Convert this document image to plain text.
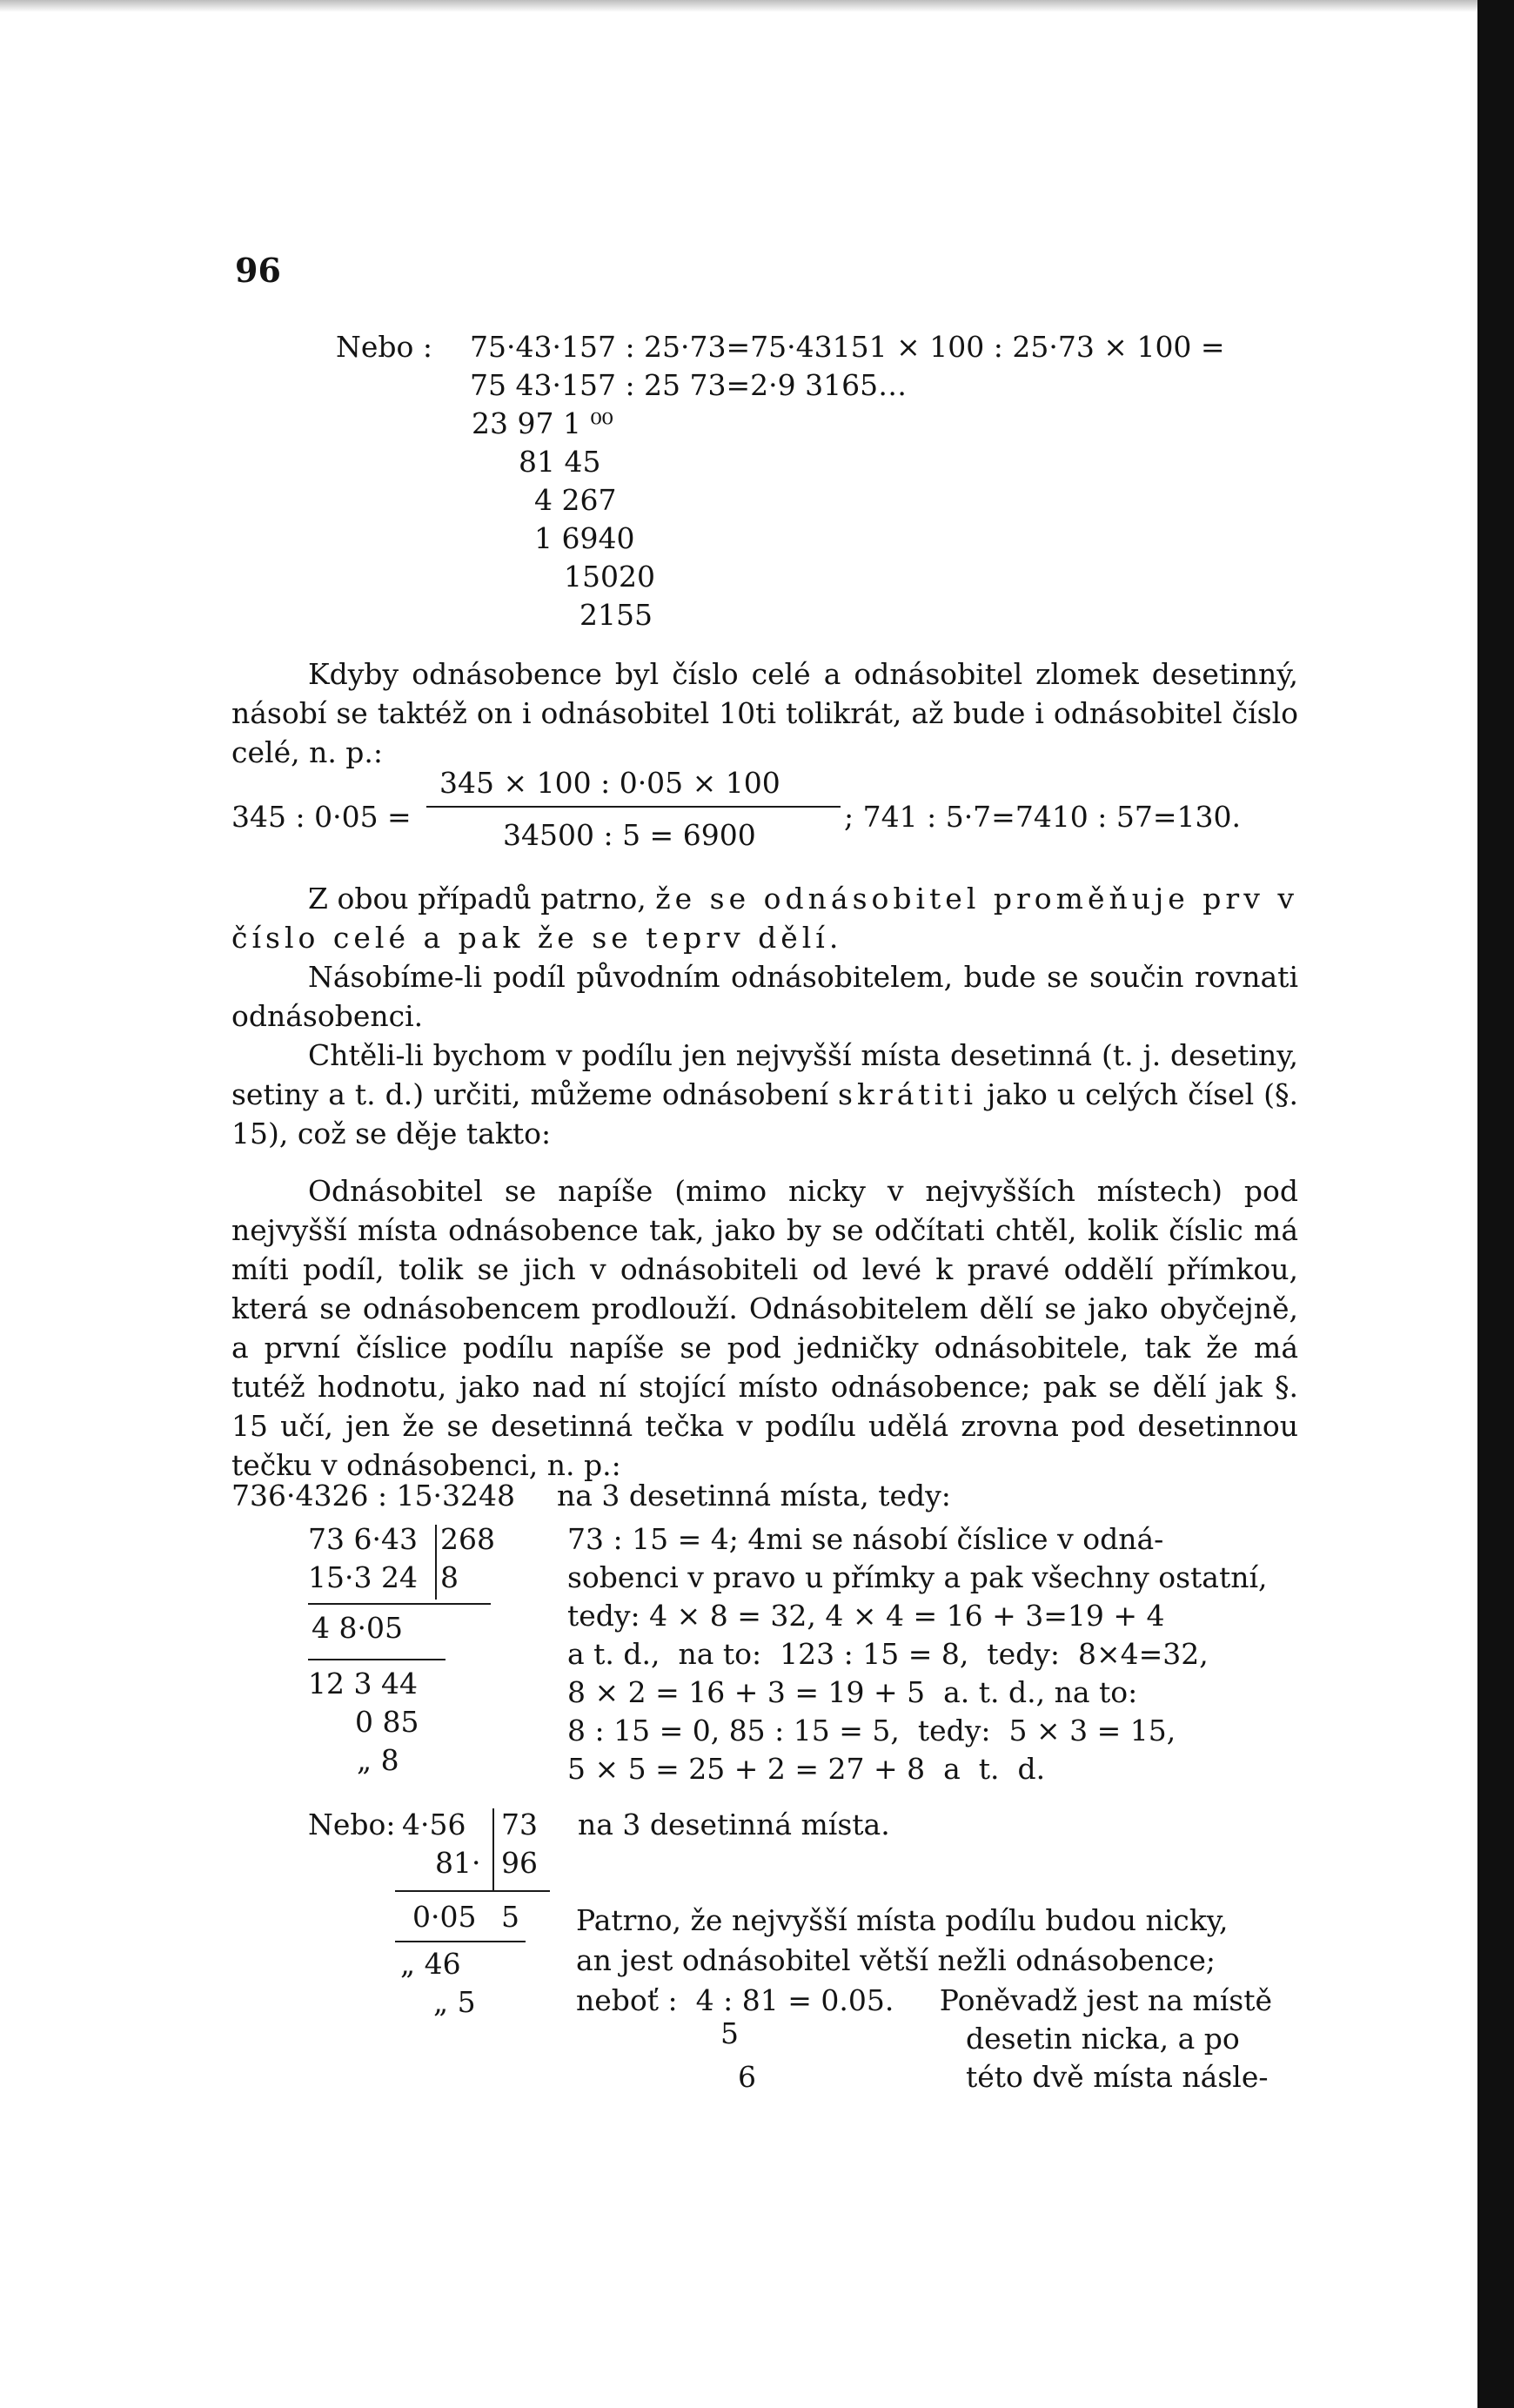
96
Nebo : 75·43·157 : 25·73=75·43151 × 100 : 25·73 × 100 =
75 43·157 : 25 73=2·9 3165…
23 97 1 ⁰⁰
81 45
4 267
1 6940
15020
2155

Kdyby odnásobence byl číslo celé a odnásobitel zlomek desetinný, násobí se taktéž on i odnásobitel 10ti tolikrát, až bude i odnásobitel číslo celé, n. p.:

345 : 0·05 =
345 × 100 : 0·05 × 100
34500 : 5 = 6900
; 741 : 5·7=7410 : 57=130.

Z obou případů patrno, že se odnásobitel proměňuje prv v číslo celé a pak že se teprv dělí.

Násobíme-li podíl původním odnásobitelem, bude se součin rovnati odnásobenci.

Chtěli-li bychom v podílu jen nejvyšší místa desetinná (t. j. desetiny, setiny a t. d.) určiti, můžeme odnásobení skrátiti jako u celých čísel (§. 15), což se děje takto:

Odnásobitel se napíše (mimo nicky v nejvyšších místech) pod nejvyšší místa odnásobence tak, jako by se odčítati chtěl, kolik číslic má míti podíl, tolik se jich v odnásobiteli od levé k pravé oddělí přímkou, která se odnásobencem prodlouží. Odnásobitelem dělí se jako obyčejně, a první číslice podílu napíše se pod jedničky odnásobitele, tak že má tutéž hodnotu, jako nad ní stojící místo odnásobence; pak se dělí jak §. 15 učí, jen že se desetinná tečka v podílu udělá zrovna pod desetinnou tečku v odnásobenci, n. p.:

736·4326 : 15·3248 na 3 desetinná místa, tedy:
73 6·43
15·3 24
4 8·05
12 3 44
0 85
„ 8
268
8
73 : 15 = 4; 4mi se násobí číslice v odná-
sobenci v pravo u přímky a pak všechny ostatní,
tedy: 4 × 8 = 32, 4 × 4 = 16 + 3=19 + 4
a t. d.,  na to:  123 : 15 = 8,  tedy:  8×4=32,
8 × 2 = 16 + 3 = 19 + 5  a. t. d., na to:
8 : 15 = 0, 85 : 15 = 5,  tedy:  5 × 3 = 15,
5 × 5 = 25 + 2 = 27 + 8  a  t.  d.
Nebo: 4·56
81·
0·05
„ 46
„ 5
73
96
5
na 3 desetinná místa.
Patrno, že nejvyšší místa podílu budou nicky,
an jest odnásobitel větší nežli odnásobence;
neboť :  4 : 81 = 0.05.     Poněvadž jest na místě
5	desetin nicka, a po
6	této dvě místa násle-
